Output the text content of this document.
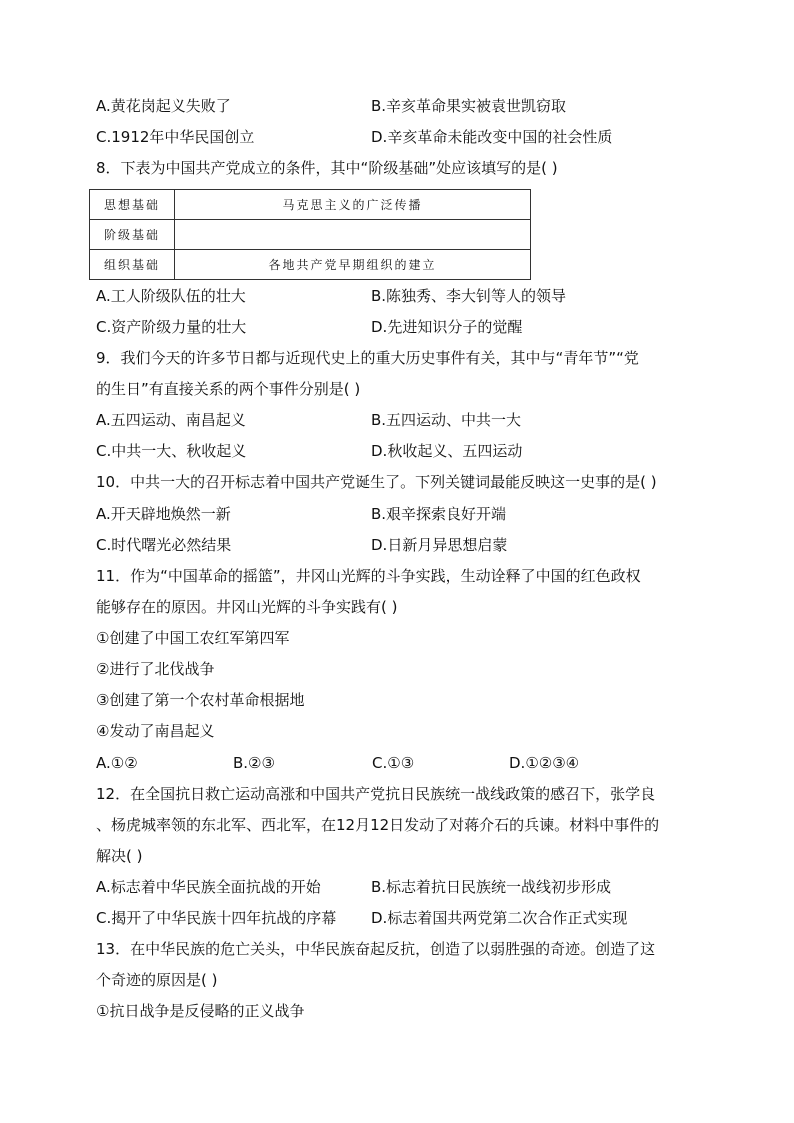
A.黄花岗起义失败了	B.辛亥革命果实被袁世凯窃取
C.1912年中华民国创立	D.辛亥革命未能改变中国的社会性质
8．下表为中国共产党成立的条件，其中“阶级基础”处应该填写的是( )
思想基础	马克思主义的广泛传播
阶级基础	
组织基础	各地共产党早期组织的建立
A.工人阶级队伍的壮大	B.陈独秀、李大钊等人的领导
C.资产阶级力量的壮大	D.先进知识分子的觉醒
9．我们今天的许多节日都与近现代史上的重大历史事件有关，其中与“青年节”“党
的生日”有直接关系的两个事件分别是( )
A.五四运动、南昌起义	B.五四运动、中共一大
C.中共一大、秋收起义	D.秋收起义、五四运动
10．中共一大的召开标志着中国共产党诞生了。下列关键词最能反映这一史事的是( )
A.开天辟地焕然一新	B.艰辛探索良好开端
C.时代曙光必然结果	D.日新月异思想启蒙
11．作为“中国革命的摇篮”，井冈山光辉的斗争实践，生动诠释了中国的红色政权
能够存在的原因。井冈山光辉的斗争实践有( )
①创建了中国工农红军第四军
②进行了北伐战争
③创建了第一个农村革命根据地
④发动了南昌起义
A.①②	B.②③	C.①③	D.①②③④
12．在全国抗日救亡运动高涨和中国共产党抗日民族统一战线政策的感召下，张学良
、杨虎城率领的东北军、西北军，在12月12日发动了对蒋介石的兵谏。材料中事件的
解决( )
A.标志着中华民族全面抗战的开始	B.标志着抗日民族统一战线初步形成
C.揭开了中华民族十四年抗战的序幕 D.标志着国共两党第二次合作正式实现
13．在中华民族的危亡关头，中华民族奋起反抗，创造了以弱胜强的奇迹。创造了这
个奇迹的原因是( )
①抗日战争是反侵略的正义战争
